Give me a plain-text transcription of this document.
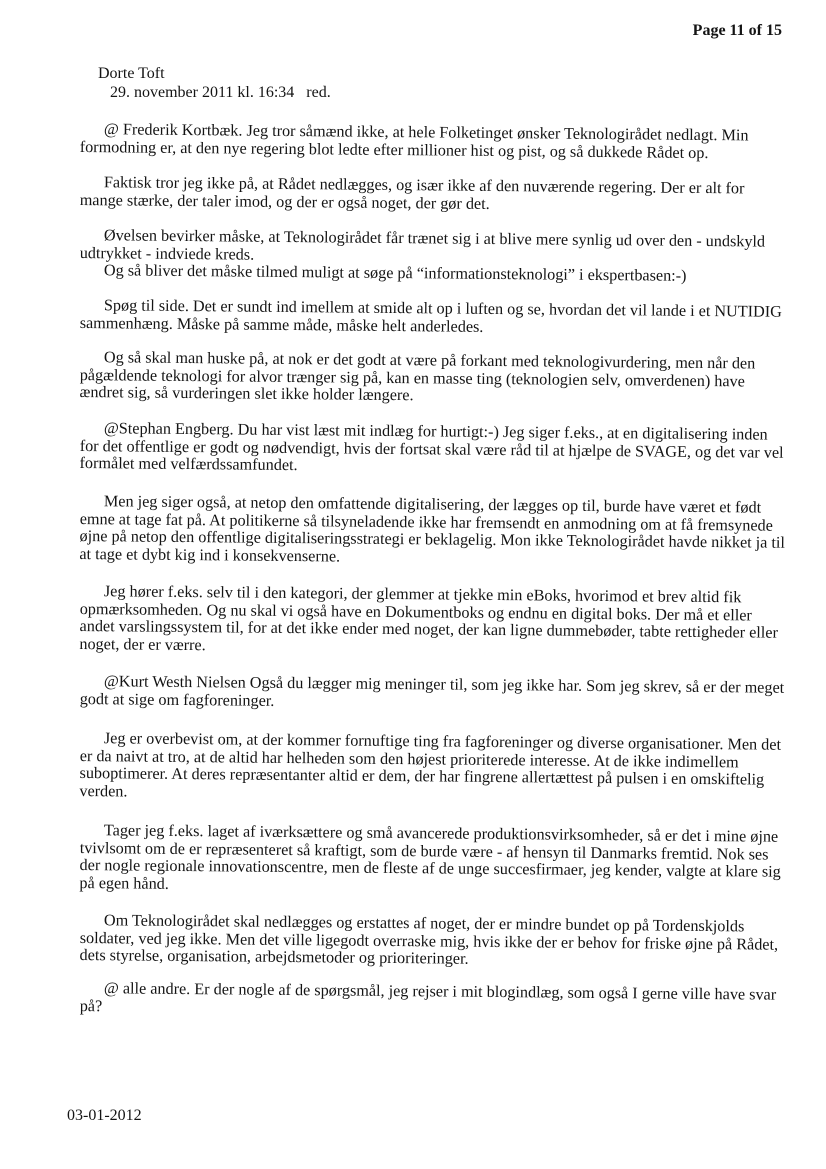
Page 11 of 15
Dorte Toft
29. november 2011 kl. 16:34 red.

@ Frederik Kortbæk. Jeg tror såmænd ikke, at hele Folketinget ønsker Teknologirådet nedlagt. Min formodning er, at den nye regering blot ledte efter millioner hist og pist, og så dukkede Rådet op.

Faktisk tror jeg ikke på, at Rådet nedlægges, og især ikke af den nuværende regering. Der er alt for mange stærke, der taler imod, og der er også noget, der gør det.

Øvelsen bevirker måske, at Teknologirådet får trænet sig i at blive mere synlig ud over den - undskyld udtrykket - indviede kreds.

Og så bliver det måske tilmed muligt at søge på “informationsteknologi” i ekspertbasen:-)

Spøg til side. Det er sundt ind imellem at smide alt op i luften og se, hvordan det vil lande i et NUTIDIG sammenhæng. Måske på samme måde, måske helt anderledes.

Og så skal man huske på, at nok er det godt at være på forkant med teknologivurdering, men når den pågældende teknologi for alvor trænger sig på, kan en masse ting (teknologien selv, omverdenen) have ændret sig, så vurderingen slet ikke holder længere.

@Stephan Engberg. Du har vist læst mit indlæg for hurtigt:-) Jeg siger f.eks., at en digitalisering inden for det offentlige er godt og nødvendigt, hvis der fortsat skal være råd til at hjælpe de SVAGE, og det var vel formålet med velfærdssamfundet.

Men jeg siger også, at netop den omfattende digitalisering, der lægges op til, burde have været et født emne at tage fat på. At politikerne så tilsyneladende ikke har fremsendt en anmodning om at få fremsynede øjne på netop den offentlige digitaliseringsstrategi er beklagelig. Mon ikke Teknologirådet havde nikket ja til at tage et dybt kig ind i konsekvenserne.

Jeg hører f.eks. selv til i den kategori, der glemmer at tjekke min eBoks, hvorimod et brev altid fik opmærksomheden. Og nu skal vi også have en Dokumentboks og endnu en digital boks. Der må et eller andet varslingssystem til, for at det ikke ender med noget, der kan ligne dummebøder, tabte rettigheder eller noget, der er værre.

@Kurt Westh Nielsen Også du lægger mig meninger til, som jeg ikke har. Som jeg skrev, så er der meget godt at sige om fagforeninger.

Jeg er overbevist om, at der kommer fornuftige ting fra fagforeninger og diverse organisationer. Men det er da naivt at tro, at de altid har helheden som den højest prioriterede interesse. At de ikke indimellem suboptimerer. At deres repræsentanter altid er dem, der har fingrene allertættest på pulsen i en omskiftelig verden.

Tager jeg f.eks. laget af iværksættere og små avancerede produktionsvirksomheder, så er det i mine øjne tvivlsomt om de er repræsenteret så kraftigt, som de burde være - af hensyn til Danmarks fremtid. Nok ses der nogle regionale innovationscentre, men de fleste af de unge succesfirmaer, jeg kender, valgte at klare sig på egen hånd.

Om Teknologirådet skal nedlægges og erstattes af noget, der er mindre bundet op på Tordenskjolds soldater, ved jeg ikke. Men det ville ligegodt overraske mig, hvis ikke der er behov for friske øjne på Rådet, dets styrelse, organisation, arbejdsmetoder og prioriteringer.

@ alle andre. Er der nogle af de spørgsmål, jeg rejser i mit blogindlæg, som også I gerne ville have svar på?

03-01-2012
